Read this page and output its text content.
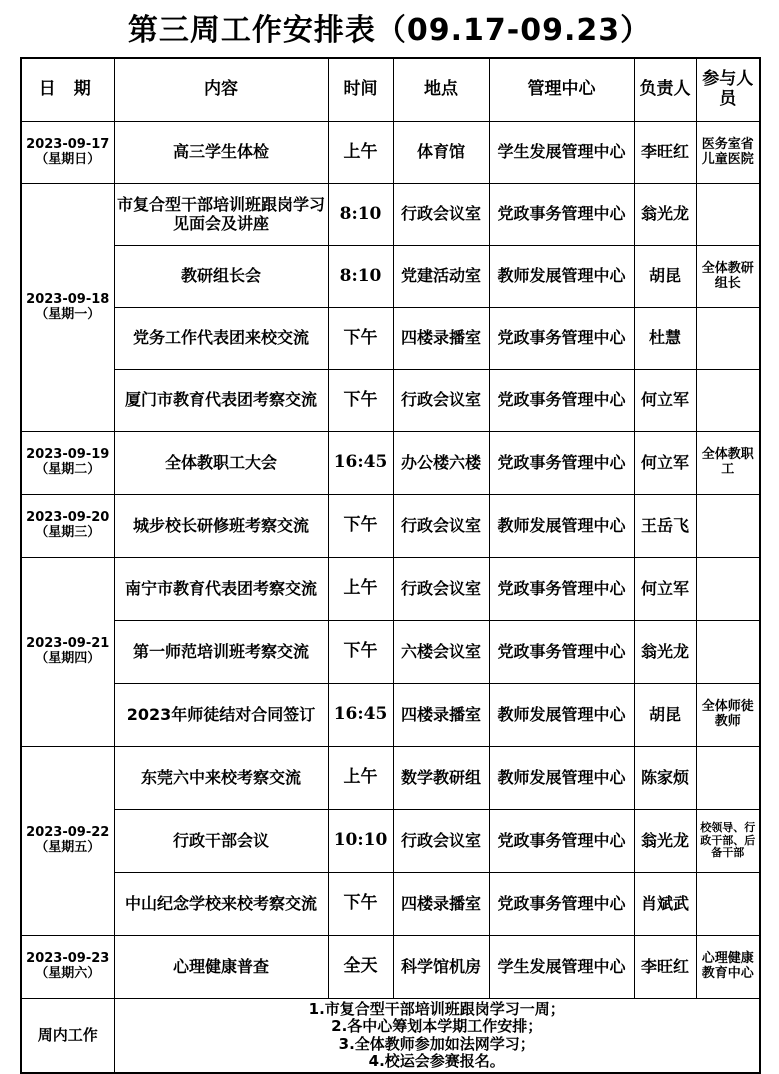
第三周工作安排表（09.17-09.23）
日 期	内容	时间	地点	管理中心	负责人	参与人员

2023-09-17
（星期日）	高三学生体检	上午	体育馆	学生发展管理中心	李旺红	医务室省儿童医院

2023-09-18
（星期一）	市复合型干部培训班跟岗学习见面会及讲座	8:10	行政会议室	党政事务管理中心	翁光龙	
	教研组长会	8:10	党建活动室	教师发展管理中心	胡昆	全体教研组长
	党务工作代表团来校交流	下午	四楼录播室	党政事务管理中心	杜慧	
	厦门市教育代表团考察交流	下午	行政会议室	党政事务管理中心	何立军	

2023-09-19
（星期二）	全体教职工大会	16:45	办公楼六楼	党政事务管理中心	何立军	全体教职工

2023-09-20
（星期三）	城步校长研修班考察交流	下午	行政会议室	教师发展管理中心	王岳飞	

2023-09-21
（星期四）	南宁市教育代表团考察交流	上午	行政会议室	党政事务管理中心	何立军	
	第一师范培训班考察交流	下午	六楼会议室	党政事务管理中心	翁光龙	
	2023年师徒结对合同签订	16:45	四楼录播室	教师发展管理中心	胡昆	全体师徒教师

2023-09-22
（星期五）	东莞六中来校考察交流	上午	数学教研组	教师发展管理中心	陈家烦	
	行政干部会议	10:10	行政会议室	党政事务管理中心	翁光龙	校领导、行政干部、后备干部
	中山纪念学校来校考察交流	下午	四楼录播室	党政事务管理中心	肖斌武	

2023-09-23
（星期六）	心理健康普查	全天	科学馆机房	学生发展管理中心	李旺红	心理健康教育中心
周内工作	1.市复合型干部培训班跟岗学习一周；
2.各中心筹划本学期工作安排；
3.全体教师参加如法网学习；
4.校运会参赛报名。					
